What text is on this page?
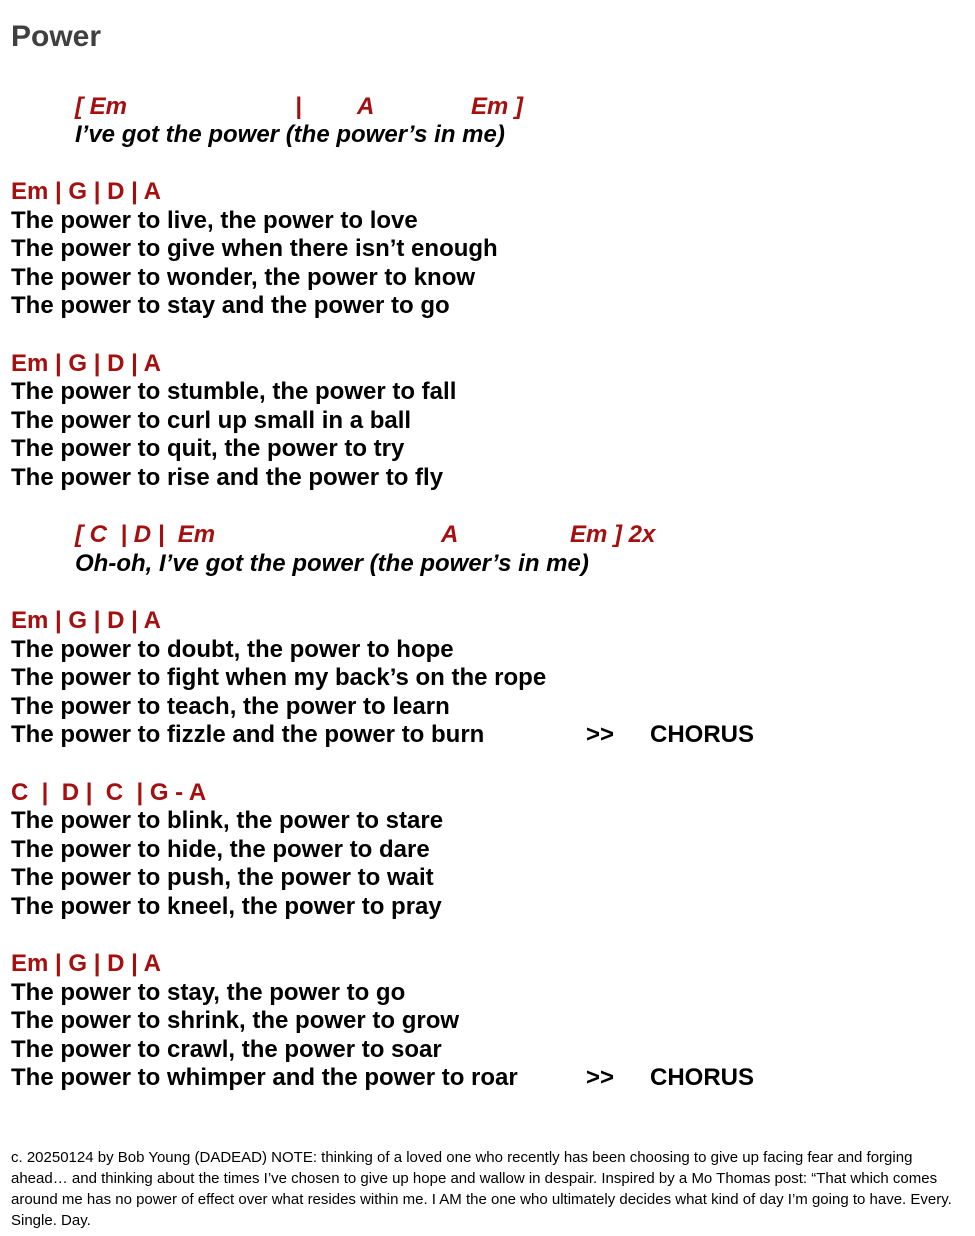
Power

[ Em

	|

A

	Em ]

I’ve got the power (the power’s in me)
Em | G | D | A
The power to live, the power to love
The power to give when there isn’t enough
The power to wonder, the power to know
The power to stay and the power to go
Em | G | D | A
The power to stumble, the power to fall
The power to curl up small in a ball
The power to quit, the power to try
The power to rise and the power to fly

[ C  | D |  Em

	A

	Em ] 2x

Oh-oh, I’ve got the power (the power’s in me)
Em | G | D | A
The power to doubt, the power to hope
The power to fight when my back’s on the rope
The power to teach, the power to learn
The power to fizzle and the power to burn	>> CHORUS
C  |  D |  C  | G - A
The power to blink, the power to stare
The power to hide, the power to dare
The power to push, the power to wait
The power to kneel, the power to pray
Em | G | D | A
The power to stay, the power to go
The power to shrink, the power to grow
The power to crawl, the power to soar
The power to whimper and the power to roar	>> CHORUS

c. 20250124 by Bob Young (DADEAD) NOTE: thinking of a loved one who recently has been choosing to give up facing fear and forging ahead… and thinking about the times I’ve chosen to give up hope and wallow in despair. Inspired by a Mo Thomas post: “That which comes around me has no power of effect over what resides within me. I AM the one who ultimately decides what kind of day I’m going to have. Every. Single. Day.
